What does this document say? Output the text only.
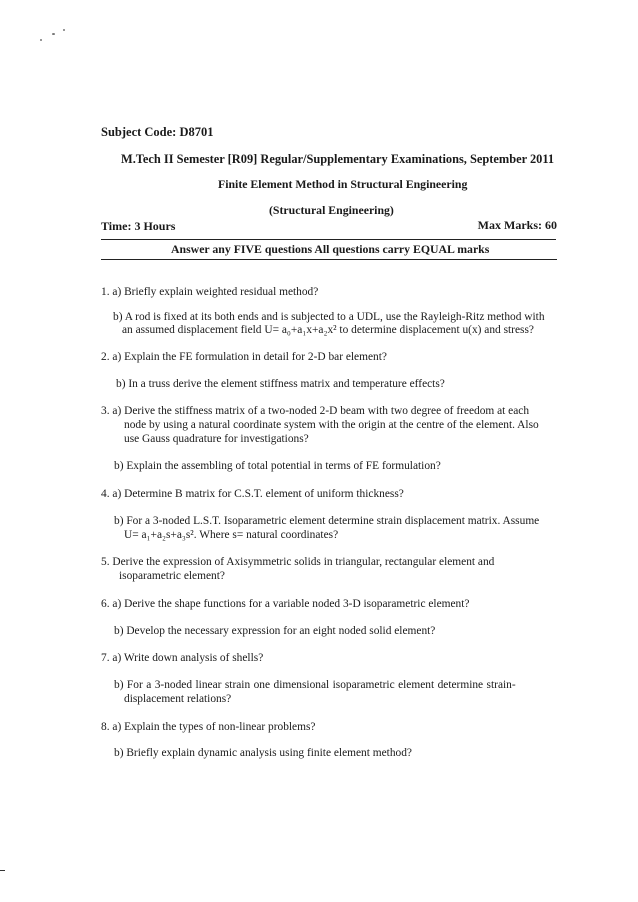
Subject Code: D8701
M.Tech II Semester [R09] Regular/Supplementary Examinations, September 2011
Finite Element Method in Structural Engineering
(Structural Engineering)
Time: 3 Hours	Max Marks: 60
Answer any FIVE questions All questions carry EQUAL marks
1. a) Briefly explain weighted residual method?
b) A rod is fixed at its both ends and is subjected to a UDL, use the Rayleigh-Ritz method with
an assumed displacement field U= a₀+a₁x+a₂x² to determine displacement u(x) and stress?
2. a) Explain the FE formulation in detail for 2-D bar element?
b) In a truss derive the element stiffness matrix and temperature effects?
3. a) Derive the stiffness matrix of a two-noded 2-D beam with two degree of freedom at each
node by using a natural coordinate system with the origin at the centre of the element. Also
use Gauss quadrature for investigations?
b) Explain the assembling of total potential in terms of FE formulation?
4. a) Determine B matrix for C.S.T. element of uniform thickness?
b) For a 3-noded L.S.T. Isoparametric element determine strain displacement matrix. Assume
U= a₁+a₂s+a₃s². Where s= natural coordinates?
5. Derive the expression of Axisymmetric solids in triangular, rectangular element and
isoparametric element?
6. a) Derive the shape functions for a variable noded 3-D isoparametric element?
b) Develop the necessary expression for an eight noded solid element?
7. a) Write down analysis of shells?
b) For a 3-noded linear strain one dimensional isoparametric element determine strain-
displacement relations?
8. a) Explain the types of non-linear problems?
b) Briefly explain dynamic analysis using finite element method?
